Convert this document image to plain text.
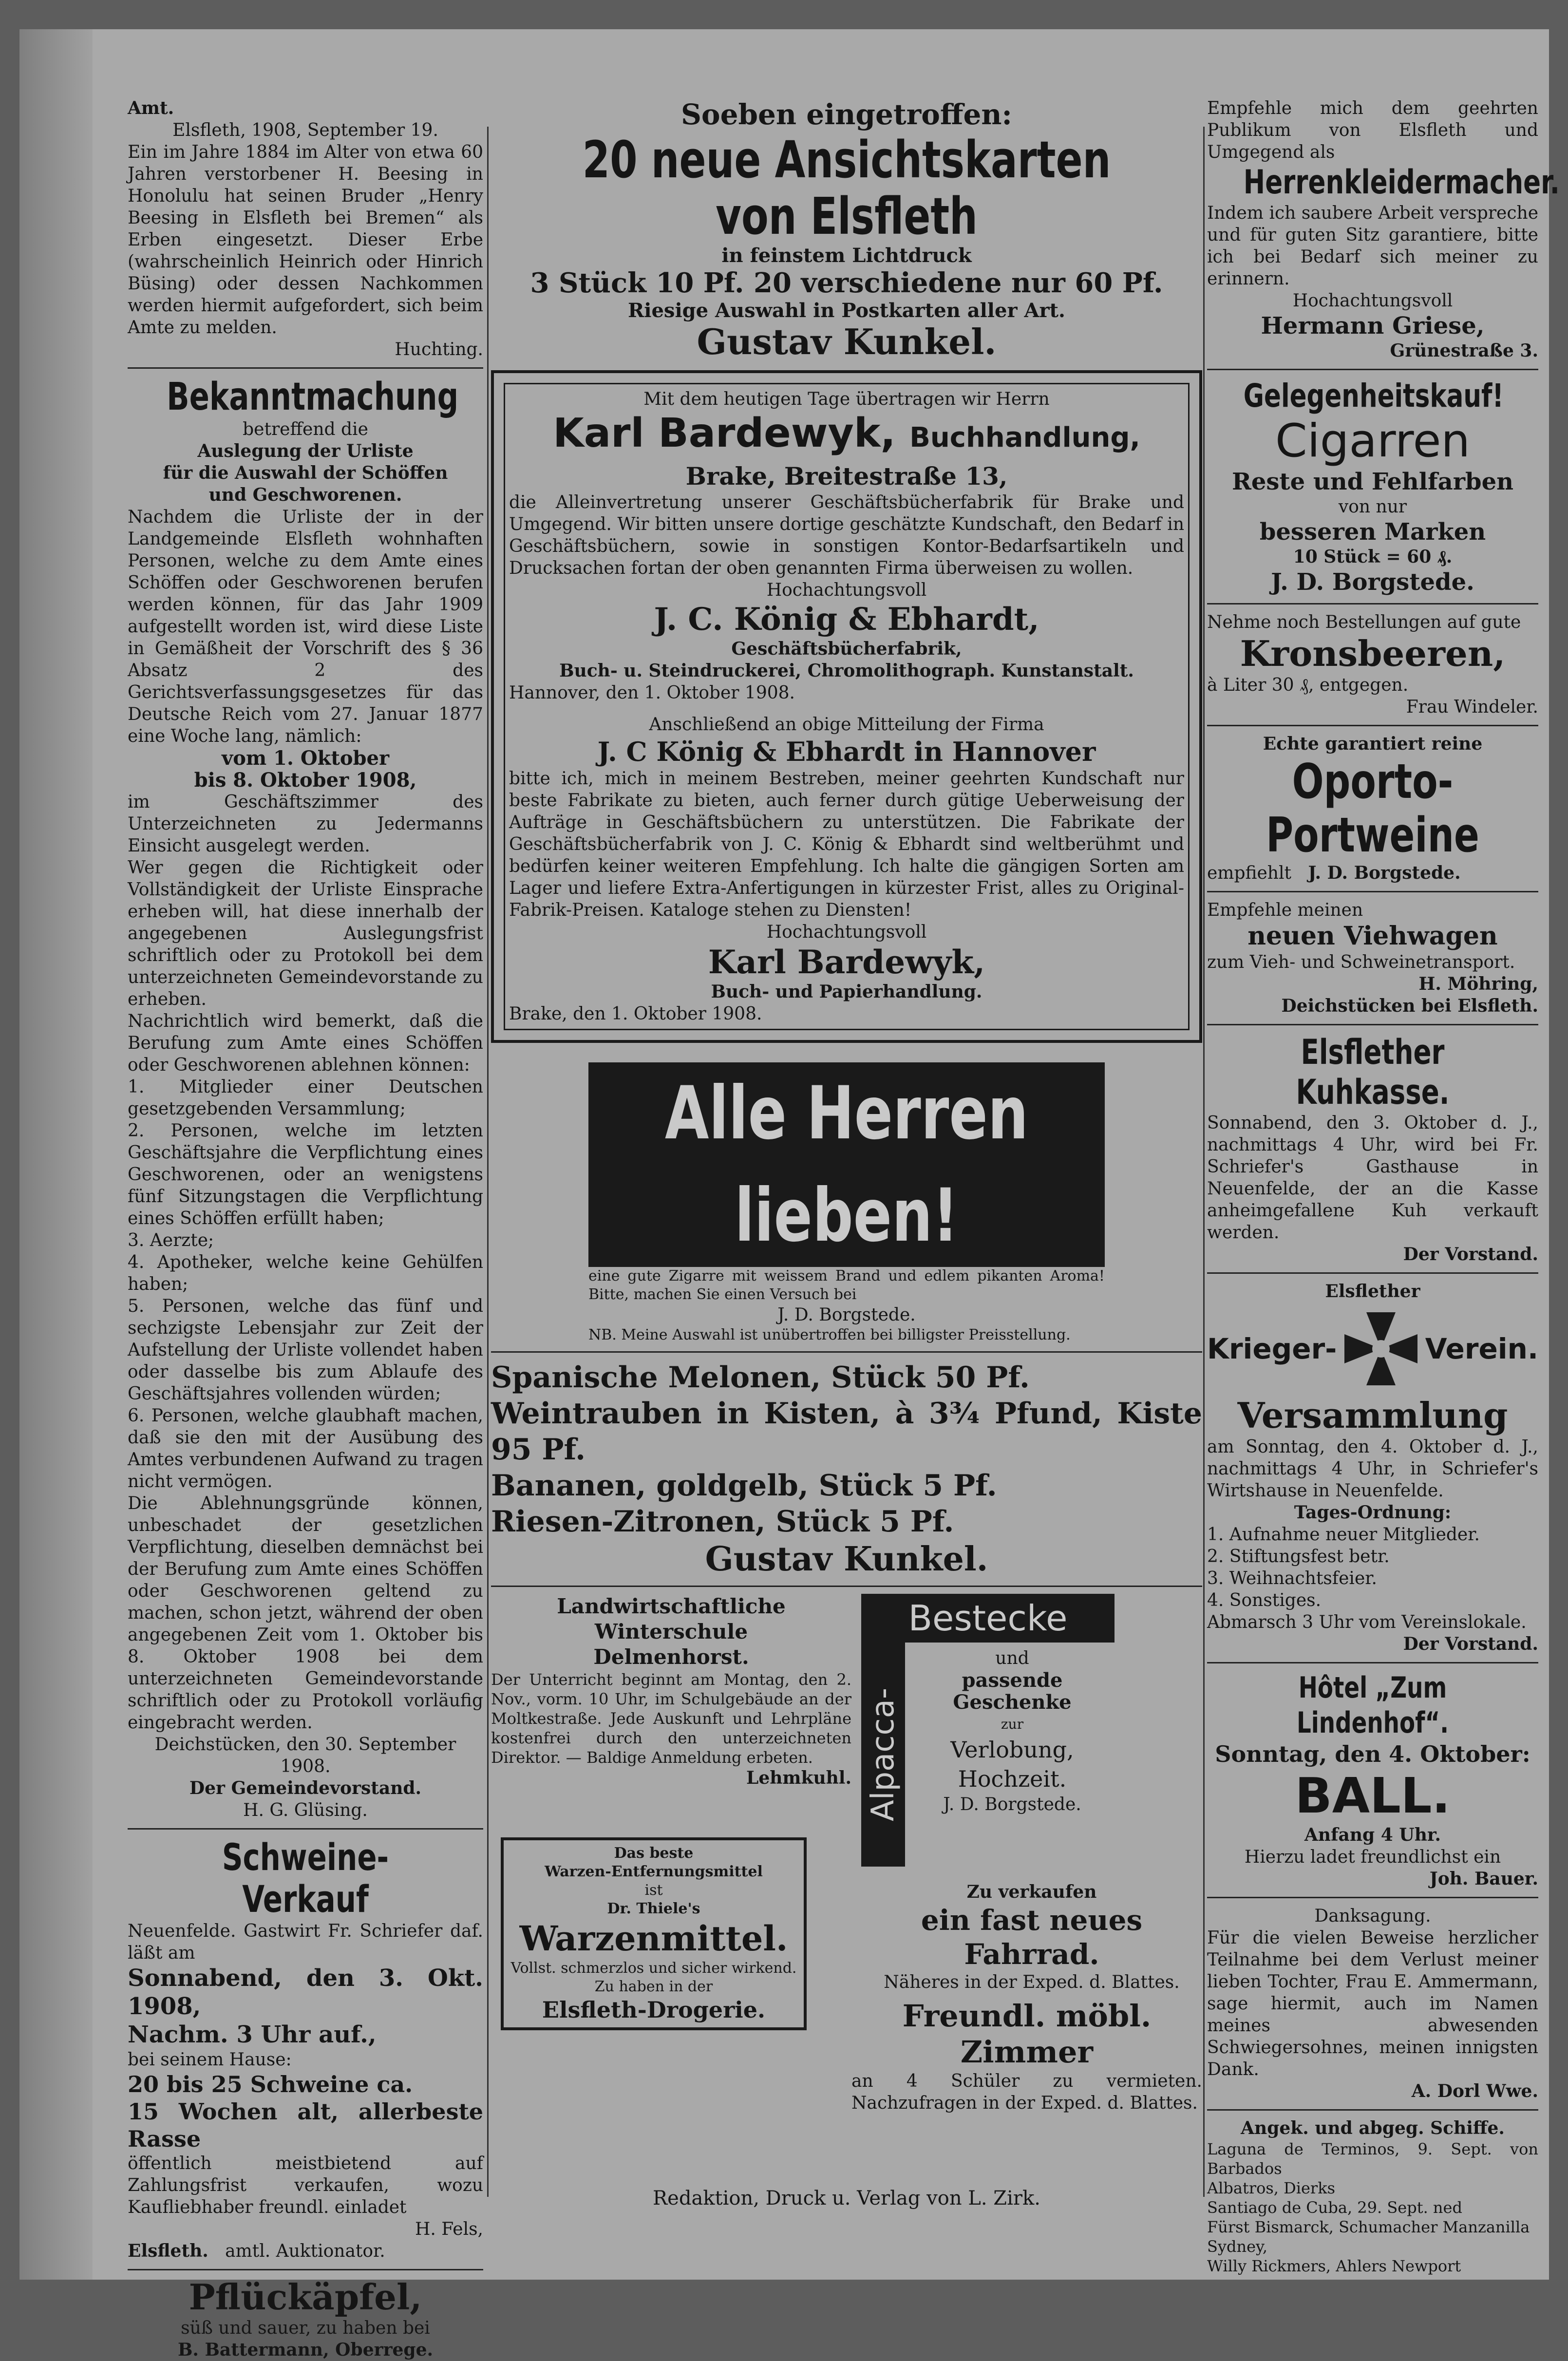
Amt.

Elsfleth, 1908, September 19.

Ein im Jahre 1884 im Alter von etwa 60 Jahren verstorbener H. Beesing in Honolulu hat seinen Bruder „Henry Beesing in Elsfleth bei Bremen“ als Erben eingesetzt. Dieser Erbe (wahrscheinlich Heinrich oder Hinrich Büsing) oder dessen Nachkommen werden hiermit aufgefordert, sich beim Amte zu melden.

Huchting.

Bekanntmachung

betreffend die

Auslegung der Urliste

für die Auswahl der Schöffen

und Geschworenen.

Nachdem die Urliste der in der Landgemeinde Elsfleth wohnhaften Personen, welche zu dem Amte eines Schöffen oder Geschworenen berufen werden können, für das Jahr 1909 aufgestellt worden ist, wird diese Liste in Gemäßheit der Vorschrift des § 36 Absatz 2 des Gerichtsverfassungsgesetzes für das Deutsche Reich vom 27. Januar 1877 eine Woche lang, nämlich:

vom 1. Oktober

bis 8. Oktober 1908,

im Geschäftszimmer des Unterzeichneten zu Jedermanns Einsicht ausgelegt werden.

Wer gegen die Richtigkeit oder Vollständigkeit der Urliste Einsprache erheben will, hat diese innerhalb der angegebenen Auslegungsfrist schriftlich oder zu Protokoll bei dem unterzeichneten Gemeindevorstande zu erheben.

Nachrichtlich wird bemerkt, daß die Berufung zum Amte eines Schöffen oder Geschworenen ablehnen können:

1. Mitglieder einer Deutschen gesetzgebenden Versammlung;

2. Personen, welche im letzten Geschäftsjahre die Verpflichtung eines Geschworenen, oder an wenigstens fünf Sitzungstagen die Verpflichtung eines Schöffen erfüllt haben;

3. Aerzte;

4. Apotheker, welche keine Gehülfen haben;

5. Personen, welche das fünf und sechzigste Lebensjahr zur Zeit der Aufstellung der Urliste vollendet haben oder dasselbe bis zum Ablaufe des Geschäftsjahres vollenden würden;

6. Personen, welche glaubhaft machen, daß sie den mit der Ausübung des Amtes verbundenen Aufwand zu tragen nicht vermögen.

Die Ablehnungsgründe können, unbeschadet der gesetzlichen Verpflichtung, dieselben demnächst bei der Berufung zum Amte eines Schöffen oder Geschworenen geltend zu machen, schon jetzt, während der oben angegebenen Zeit vom 1. Oktober bis 8. Oktober 1908 bei dem unterzeichneten Gemeindevorstande schriftlich oder zu Protokoll vorläufig eingebracht werden.

Deichstücken, den 30. September 1908.

Der Gemeindevorstand.

H. G. Glüsing.

Schweine-Verkauf

Neuenfelde. Gastwirt Fr. Schriefer daf. läßt am

Sonnabend, den 3. Okt. 1908,

Nachm. 3 Uhr auf.,

bei seinem Hause:

20 bis 25 Schweine ca.

15 Wochen alt, allerbeste Rasse

öffentlich meistbietend auf Zahlungsfrist verkaufen, wozu Kaufliebhaber freundl. einladet

H. Fels,

Elsfleth. amtl. Auktionator.

Pflückäpfel,

süß und sauer, zu haben bei

B. Battermann, Oberrege.

Soeben eingetroffen:

20 neue Ansichtskarten von Elsfleth

in feinstem Lichtdruck

3 Stück 10 Pf. 20 verschiedene nur 60 Pf.

Riesige Auswahl in Postkarten aller Art.

Gustav Kunkel.

Mit dem heutigen Tage übertragen wir Herrn

Karl Bardewyk, Buchhandlung,

Brake, Breitestraße 13,

die Alleinvertretung unserer Geschäftsbücherfabrik für Brake und Umgegend. Wir bitten unsere dortige geschätzte Kundschaft, den Bedarf in Geschäftsbüchern, sowie in sonstigen Kontor-Bedarfsartikeln und Drucksachen fortan der oben genannten Firma überweisen zu wollen.

Hochachtungsvoll

J. C. König & Ebhardt,

Geschäftsbücherfabrik,

Buch- u. Steindruckerei, Chromolithograph. Kunstanstalt.

Hannover, den 1. Oktober 1908.

Anschließend an obige Mitteilung der Firma

J. C König & Ebhardt in Hannover

bitte ich, mich in meinem Bestreben, meiner geehrten Kundschaft nur beste Fabrikate zu bieten, auch ferner durch gütige Ueberweisung der Aufträge in Geschäftsbüchern zu unterstützen. Die Fabrikate der Geschäftsbücherfabrik von J. C. König & Ebhardt sind weltberühmt und bedürfen keiner weiteren Empfehlung. Ich halte die gängigen Sorten am Lager und liefere Extra-Anfertigungen in kürzester Frist, alles zu Original-Fabrik-Preisen. Kataloge stehen zu Diensten!

Hochachtungsvoll

Karl Bardewyk,

Buch- und Papierhandlung.

Brake, den 1. Oktober 1908.

Alle Herren lieben!

eine gute Zigarre mit weissem Brand und edlem pikanten Aroma! Bitte, machen Sie einen Versuch bei

J. D. Borgstede.

NB. Meine Auswahl ist unübertroffen bei billigster Preisstellung.

Spanische Melonen, Stück 50 Pf.

Weintrauben in Kisten, à 3¾ Pfund, Kiste 95 Pf.

Bananen, goldgelb, Stück 5 Pf.

Riesen-Zitronen, Stück 5 Pf.

Gustav Kunkel.

Landwirtschaftliche Winterschule

Delmenhorst.

Der Unterricht beginnt am Montag, den 2. Nov., vorm. 10 Uhr, im Schulgebäude an der Moltkestraße. Jede Auskunft und Lehrpläne kostenfrei durch den unterzeichneten Direktor. — Baldige Anmeldung erbeten.

Lehmkuhl.

Das beste

Warzen-Entfernungsmittel

ist

Dr. Thiele's

Warzenmittel.

Vollst. schmerzlos und sicher wirkend.

Zu haben in der

Elsfleth-Drogerie.

Bestecke
Alpacca-

und

passende Geschenke

zur

Verlobung,

Hochzeit.

J. D. Borgstede.

Zu verkaufen

ein fast neues Fahrrad.

Näheres in der Exped. d. Blattes.

Freundl. möbl. Zimmer

an 4 Schüler zu vermieten. Nachzufragen in der Exped. d. Blattes.

Empfehle mich dem geehrten Publikum von Elsfleth und Umgegend als

Herrenkleidermacher.

Indem ich saubere Arbeit verspreche und für guten Sitz garantiere, bitte ich bei Bedarf sich meiner zu erinnern.

Hochachtungsvoll

Hermann Griese,

Grünestraße 3.

Gelegenheitskauf!

Cigarren

Reste und Fehlfarben

von nur

besseren Marken

10 Stück = 60 ₰.

J. D. Borgstede.

Nehme noch Bestellungen auf gute

Kronsbeeren,

à Liter 30 ₰, entgegen.

Frau Windeler.

Echte garantiert reine

Oporto-Portweine

empfiehlt J. D. Borgstede.

Empfehle meinen

neuen Viehwagen

zum Vieh- und Schweinetransport.

H. Möhring,

Deichstücken bei Elsfleth.

Elsflether Kuhkasse.

Sonnabend, den 3. Oktober d. J., nachmittags 4 Uhr, wird bei Fr. Schriefer's Gasthause in Neuenfelde, der an die Kasse anheimgefallene Kuh verkauft werden.

Der Vorstand.

Elsflether

Krieger-	Verein.

Versammlung

am Sonntag, den 4. Oktober d. J., nachmittags 4 Uhr, in Schriefer's Wirtshause in Neuenfelde.

Tages-Ordnung:

1. Aufnahme neuer Mitglieder.

2. Stiftungsfest betr.

3. Weihnachtsfeier.

4. Sonstiges.

Abmarsch 3 Uhr vom Vereinslokale.

Der Vorstand.

Hôtel „Zum Lindenhof“.

Sonntag, den 4. Oktober:

BALL.

Anfang 4 Uhr.

Hierzu ladet freundlichst ein

Joh. Bauer.

Danksagung.

Für die vielen Beweise herzlicher Teilnahme bei dem Verlust meiner lieben Tochter, Frau E. Ammermann, sage hiermit, auch im Namen meines abwesenden Schwiegersohnes, meinen innigsten Dank.

A. Dorl Wwe.

Angek. und abgeg. Schiffe.

Laguna de Terminos, 9. Sept. von Barbados

Albatros, Dierks

Santiago de Cuba, 29. Sept. ned

Fürst Bismarck, Schumacher Manzanilla

Sydney,

Willy Rickmers, Ahlers Newport

Redaktion, Druck u. Verlag von L. Zirk.
